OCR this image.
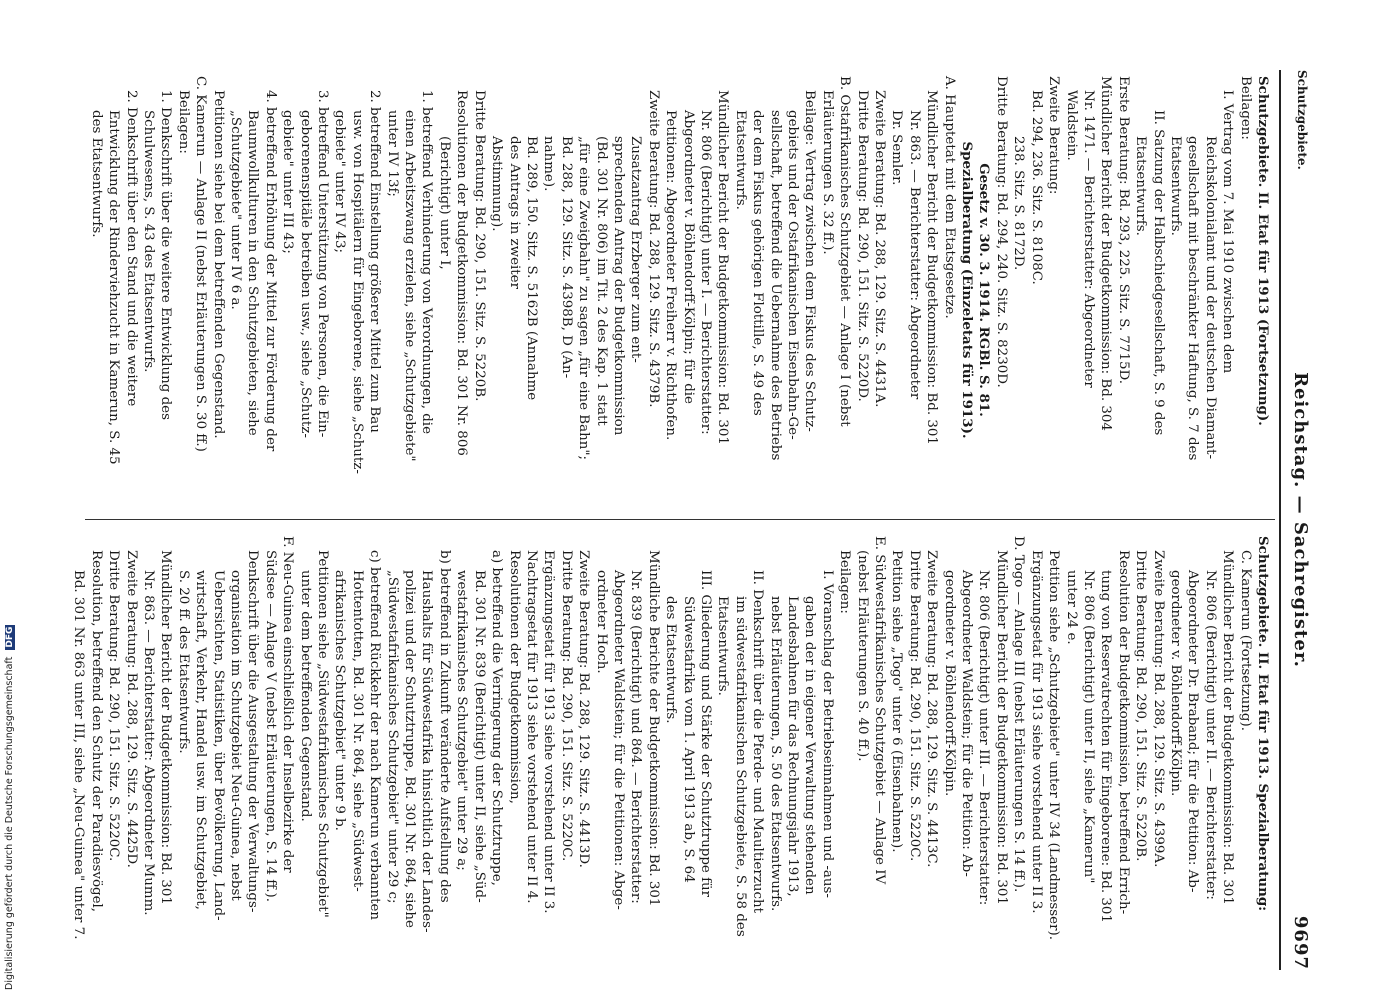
Schutzgebiete.
Reichstag. — Sachregister.
9697
Schutzgebiete. II. Etat für 1913 (Fortsetzung).
Beilagen:
I. Vertrag vom 7. Mai 1910 zwischen dem
Reichskolonialamt und der deutschen Diamant-
gesellschaft mit beschränkter Haftung, S. 7 des
Etatsentwurfs.
II. Satzung der Halbschiedgesellschaft, S. 9 des
Etatsentwurfs.
Erste Beratung: Bd. 293, 225. Sitz. S. 7715D.
Mündlicher Bericht der Budgetkommission: Bd. 304
Nr. 1471. — Berichterstatter: Abgeordneter
Waldstein.
Zweite Beratung:
Bd. 294, 236. Sitz. S. 8108C.
238. Sitz. S. 8172D.
Dritte Beratung: Bd. 294, 240. Sitz. S. 8230D.
Gesetz v. 30. 3. 1914. RGBl. S. 81.
Spezialberatung (Einzeletats für 1913).
A. Hauptetat mit dem Etatsgesetze.
Mündlicher Bericht der Budgetkommission: Bd. 301
Nr. 863. — Berichterstatter: Abgeordneter
Dr. Semler.
Zweite Beratung: Bd. 288, 129. Sitz. S. 4431A.
Dritte Beratung: Bd. 290, 151. Sitz. S. 5220D.
B. Ostafrikanisches Schutzgebiet — Anlage I (nebst
Erläuterungen S. 32 ff.).
Beilage: Vertrag zwischen dem Fiskus des Schutz-
gebiets und der Ostafrikanischen Eisenbahn-Ge-
sellschaft, betreffend die Uebernahme des Betriebs
der dem Fiskus gehörigen Flottille, S. 49 des
Etatsentwurfs.
Mündlicher Bericht der Budgetkommission: Bd. 301
Nr. 806 (Berichtigt) unter I. — Berichterstatter:
Abgeordneter v. Böhlendorff-Kölpin; für die
Petitionen: Abgeordneter Freiherr v. Richthofen.
Zweite Beratung: Bd. 288, 129. Sitz. S. 4379B.
Zusatzantrag Erzberger zum ent-
sprechenden Antrag der Budgetkommission
(Bd. 301 Nr. 806) im Tit. 2 des Kap. 1 statt
„für eine Zweigbahn" zu sagen „für eine Bahn";
Bd. 288, 129. Sitz. S. 4398B, D (An-
nahme).
Bd. 289, 150. Sitz. S. 5162B (Annahme
des Antrags in zweiter
Abstimmung).
Dritte Beratung: Bd. 290, 151. Sitz. S. 5220B.
Resolutionen der Budgetkommission: Bd. 301 Nr. 806
(Berichtigt) unter I,
1. betreffend Verhinderung von Verordnungen, die
einen Arbeitszwang erzielen, siehe „Schutzgebiete"
unter IV 13f;
2. betreffend Einstellung größerer Mittel zum Bau
usw. von Hospitälern für Eingeborene, siehe „Schutz-
gebiete" unter IV 43;
3. betreffend Unterstützung von Personen, die Ein-
geborenenspitäle betreiben usw., siehe „Schutz-
gebiete" unter III 43;
4. betreffend Erhöhung der Mittel zur Förderung der
Baumwollkulturen in den Schutzgebieten, siehe
„Schutzgebiete" unter IV 6 a.
Petitionen siehe bei dem betreffenden Gegenstand.
C. Kamerun — Anlage II (nebst Erläuterungen S. 30 ff.)
Beilagen:
1. Denkschrift über die weitere Entwicklung des
Schulwesens, S. 43 des Etatsentwurfs.
2. Denkschrift über den Stand und die weitere
Entwicklung der Rinderviehzucht in Kamerun, S. 45
des Etatsentwurfs.
Schutzgebiete. II. Etat für 1913. Spezialberatung:
C. Kamerun (Fortsetzung).
Mündlicher Bericht der Budgetkommission: Bd. 301
Nr. 806 (Berichtigt) unter II. — Berichterstatter:
Abgeordneter Dr. Braband; für die Petition: Ab-
geordneter v. Böhlendorff-Kölpin.
Zweite Beratung: Bd. 288, 129. Sitz. S. 4399A.
Dritte Beratung: Bd. 290, 151. Sitz. S. 5220B.
Resolution der Budgetkommission, betreffend Errich-
tung von Reservatrechten für Eingeborene: Bd. 301
Nr. 806 (Berichtigt) unter II, siehe „Kamerun"
unter 24 e.
Petition siehe „Schutzgebiete" unter IV 34 (Landmesser).
Ergänzungsetat für 1913 siehe vorstehend unter II 3.
D. Togo — Anlage III (nebst Erläuterungen S. 14 ff.).
Mündlicher Bericht der Budgetkommission: Bd. 301
Nr. 806 (Berichtigt) unter III. — Berichterstatter:
Abgeordneter Waldstein; für die Petition: Ab-
geordneter v. Böhlendorff-Kölpin.
Zweite Beratung: Bd. 288, 129. Sitz. S. 4413C.
Dritte Beratung: Bd. 290, 151. Sitz. S. 5220C.
Petition siehe „Togo" unter 6 (Eisenbahnen).
E. Südwestafrikanisches Schutzgebiet — Anlage IV
(nebst Erläuterungen S. 40 ff.).
Beilagen:
I. Voranschlag der Betriebseinnahmen und -aus-
gaben der in eigener Verwaltung stehenden
Landesbahnen für das Rechnungsjahr 1913,
nebst Erläuterungen, S. 50 des Etatsentwurfs.
II. Denkschrift über die Pferde- und Maultierzucht
im südwestafrikanischen Schutzgebiete, S. 58 des
Etatsentwurfs.
III. Gliederung und Stärke der Schutztruppe für
Südwestafrika vom 1. April 1913 ab, S. 64
des Etatsentwurfs.
Mündliche Berichte der Budgetkommission: Bd. 301
Nr. 839 (Berichtigt) und 864. — Berichterstatter:
Abgeordneter Waldstein; für die Petitionen: Abge-
ordneter Hoch.
Zweite Beratung: Bd. 288, 129. Sitz. S. 4413D.
Dritte Beratung: Bd. 290, 151. Sitz. S. 5220C.
Ergänzungsetat für 1913 siehe vorstehend unter II 3.
Nachtragsetat für 1913 siehe vorstehend unter II 4.
Resolutionen der Budgetkommission,
a) betreffend die Verringerung der Schutztruppe,
Bd. 301 Nr. 839 (Berichtigt) unter II, siehe „Süd-
westafrikanisches Schutzgebiet" unter 29 a;
b) betreffend in Zukunft veränderte Aufstellung des
Haushalts für Südwestafrika hinsichtlich der Landes-
polizei und der Schutztruppe, Bd. 301 Nr. 864, siehe
„Südwestafrikanisches Schutzgebiet" unter 29 c;
c) betreffend Rückkehr der nach Kamerun verbannten
Hottentotten, Bd. 301 Nr. 864, siehe „Südwest-
afrikanisches Schutzgebiet" unter 9 b.
Petitionen siehe „Südwestafrikanisches Schutzgebiet"
unter dem betreffenden Gegenstand.
F. Neu-Guinea einschließlich der Inselbezirke der
Südsee — Anlage V (nebst Erläuterungen, S. 14 ff.).
Denkschrift über die Ausgestaltung der Verwaltungs-
organisation im Schutzgebiet Neu-Guinea, nebst
Uebersichten, Statistiken, über Bevölkerung, Land-
wirtschaft, Verkehr, Handel usw. im Schutzgebiet,
S. 20 ff. des Etatsentwurfs.
Mündlicher Bericht der Budgetkommission: Bd. 301
Nr. 863. — Berichterstatter: Abgeordneter Mumm.
Zweite Beratung: Bd. 288, 129. Sitz. S. 4425D.
Dritte Beratung: Bd. 290, 151. Sitz. S. 5220C.
Resolution, betreffend den Schutz der Paradiesvögel,
Bd. 301 Nr. 863 unter III, siehe „Neu-Guinea" unter 7.
Digitalisierung gefördert durch die Deutsche Forschungsgemeinschaft DFG
